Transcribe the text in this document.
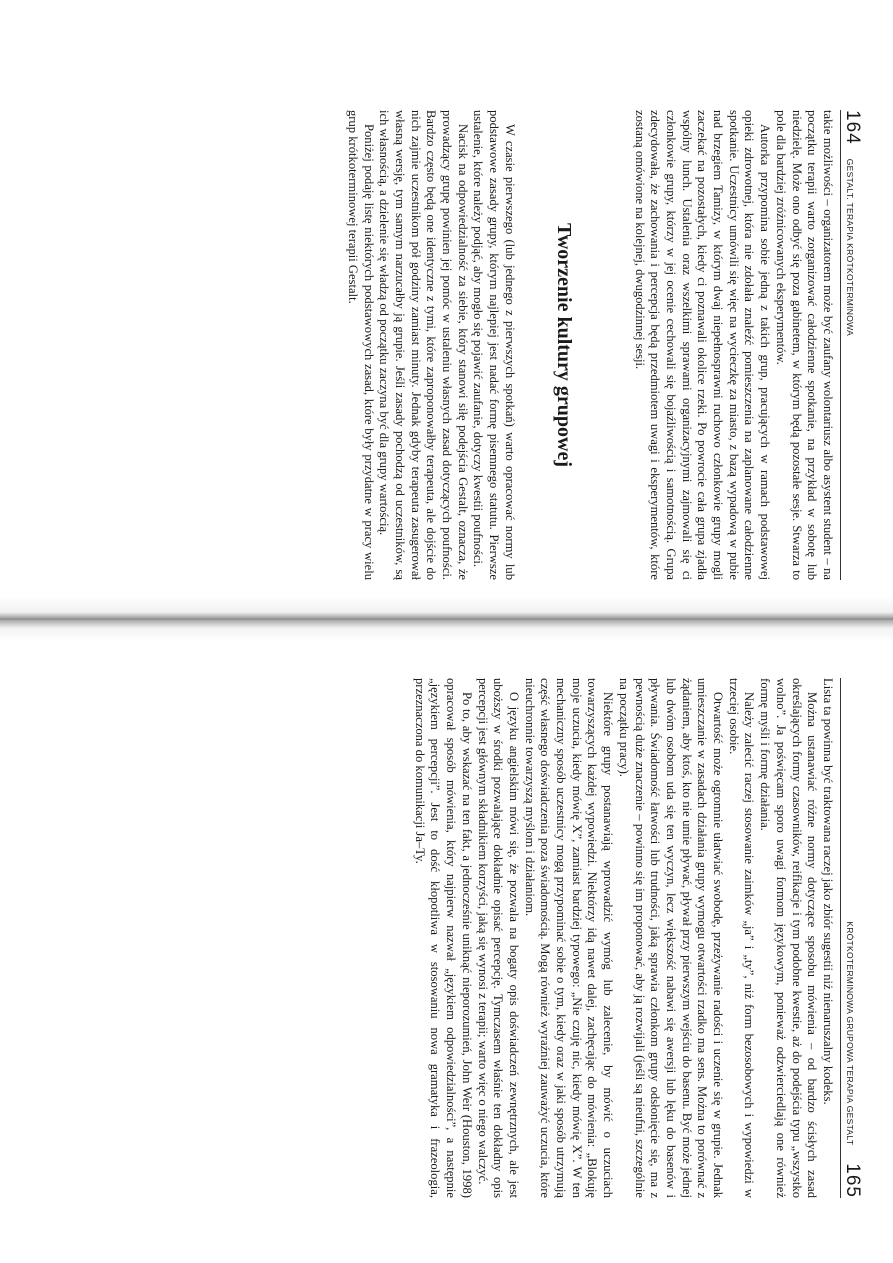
164
GESTALT. TERAPIA KRÓTKOTERMINOWA

takie możliwości – organizatorem może być zaufany wolontariusz albo asystent student – na początku terapii warto zorganizować całodzienne spotkanie, na przykład w sobotę lub niedzielę. Może ono odbyć się poza gabinetem, w którym będą pozostałe sesje. Stwarza to pole dla bardziej zróżnicowanych eksperymentów.

Autorka przypomina sobie jedną z takich grup, pracujących w ramach podstawowej opieki zdrowotnej, która nie zdołała znaleźć pomieszczenia na zaplanowane całodzienne spotkanie. Uczestnicy umówili się więc na wycieczkę za miasto, z bazą wypadową w pubie nad brzegiem Tamizy, w którym dwaj niepełnosprawni ruchowo członkowie grupy mogli zaczekać na pozostałych, kiedy ci poznawali okolice rzeki. Po powrocie cała grupa zjadła wspólny lunch. Ustalenia oraz wszelkimi sprawami organizacyjnymi zajmowali się ci członkowie grupy, którzy w jej ocenie cechowali się bojaźliwością i samotnością. Grupa zdecydowała, że zachowania i percepcja będą przedmiotem uwagi i eksperymentów, które zostaną omówione na kolejnej, dwugodzinnej sesji.

Tworzenie kultury grupowej

W czasie pierwszego (lub jednego z pierwszych spotkań) warto opracować normy lub podstawowe zasady grupy, którym najlepiej jest nadać formę pisemnego statutu. Pierwsze ustalenie, które należy podjąć, aby mogło się pojawić zaufanie, dotyczy kwestii poufności.

Nacisk na odpowiedzialność za siebie, który stanowi siłę podejścia Gestalt, oznacza, że prowadzący grupę powinien jej pomóc w ustaleniu własnych zasad dotyczących poufności. Bardzo często będą one identyczne z tymi, które zaproponowałby terapeuta, ale dojście do nich zajmie uczestnikom pół godziny zamiast minuty. Jednak gdyby terapeuta zasugerował własną wersję, tym samym narzucałby ją grupie. Jeśli zasady pochodzą od uczestników, są ich własnością, a dzielenie się władzą od początku zaczyna być dla grupy wartością.

Poniżej podaję listę niektórych podstawowych zasad, które były przydatne w pracy wielu grup krótkoterminowej terapii Gestalt.

KRÓTKOTERMINOWA GRUPOWA TERAPIA GESTALT
165

Lista ta powinna być traktowana raczej jako zbiór sugestii niż nienaruszalny kodeks.

Można ustanawiać różne normy dotyczące sposobu mówienia – od bardzo ścisłych zasad określających formy czasowników, reifikacje i tym podobne kwestie, aż do podejścia typu „wszystko wolno”. Ja poświęcam sporo uwagi formom językowym, ponieważ odzwierciedlają one również formę myśli i formę działania.

Należy zalecić raczej stosowanie zaimków „ja” i „ty”, niż form bezosobowych i wypowiedzi w trzeciej osobie.

Otwartość może ogromnie ułatwiać swobodę, przeżywanie radości i uczenie się w grupie. Jednak umieszczanie w zasadach działania grupy wymogu otwartości rzadko ma sens. Można to porównać z żądaniem, aby ktoś, kto nie umie pływać, pływał przy pierwszym wejściu do basenu. Być może jednej lub dwóm osobom uda się ten wyczyn, lecz większość nabawi się awersji lub lęku do basenów i pływania. Świadomość łatwości lub trudności, jaką sprawia członkom grupy odsłonięcie się, ma z pewnością duże znaczenie – powinno się im proponować, aby ją rozwijali (jeśli są nieufni, szczególnie na początku pracy).

Niektóre grupy postanawiają wprowadzić wymóg lub zalecenie, by mówić o uczuciach towarzyszących każdej wypowiedzi. Niektórzy idą nawet dalej, zachęcając do mówienia: „Blokuję moje uczucia, kiedy mówię X”, zamiast bardziej typowego: „Nie czuję nic, kiedy mówię X”. W ten mechaniczny sposób uczestnicy mogą przypominać sobie o tym, kiedy oraz w jaki sposób utrzymują część własnego doświadczenia poza świadomością. Mogą również wyraźniej zauważyć uczucia, które nieuchronnie towarzyszą myślom i działaniom.

O języku angielskim mówi się, że pozwala na bogaty opis doświadczeń zewnętrznych, ale jest uboższy w środki pozwalające dokładnie opisać percepcję. Tymczasem właśnie ten dokładny opis percepcji jest głównym składnikiem korzyści, jaką się wynosi z terapii; warto więc o niego walczyć.

Po to, aby wskazać na ten fakt, a jednocześnie uniknąć nieporozumień, John Weir (Houston, 1998) opracował sposób mówienia, który najpierw nazwał „językiem odpowiedzialności”, a następnie „językiem percepcji”. Jest to dość kłopotliwa w stosowaniu nowa gramatyka i frazeologia, przeznaczona do komunikacji Ja–Ty.
